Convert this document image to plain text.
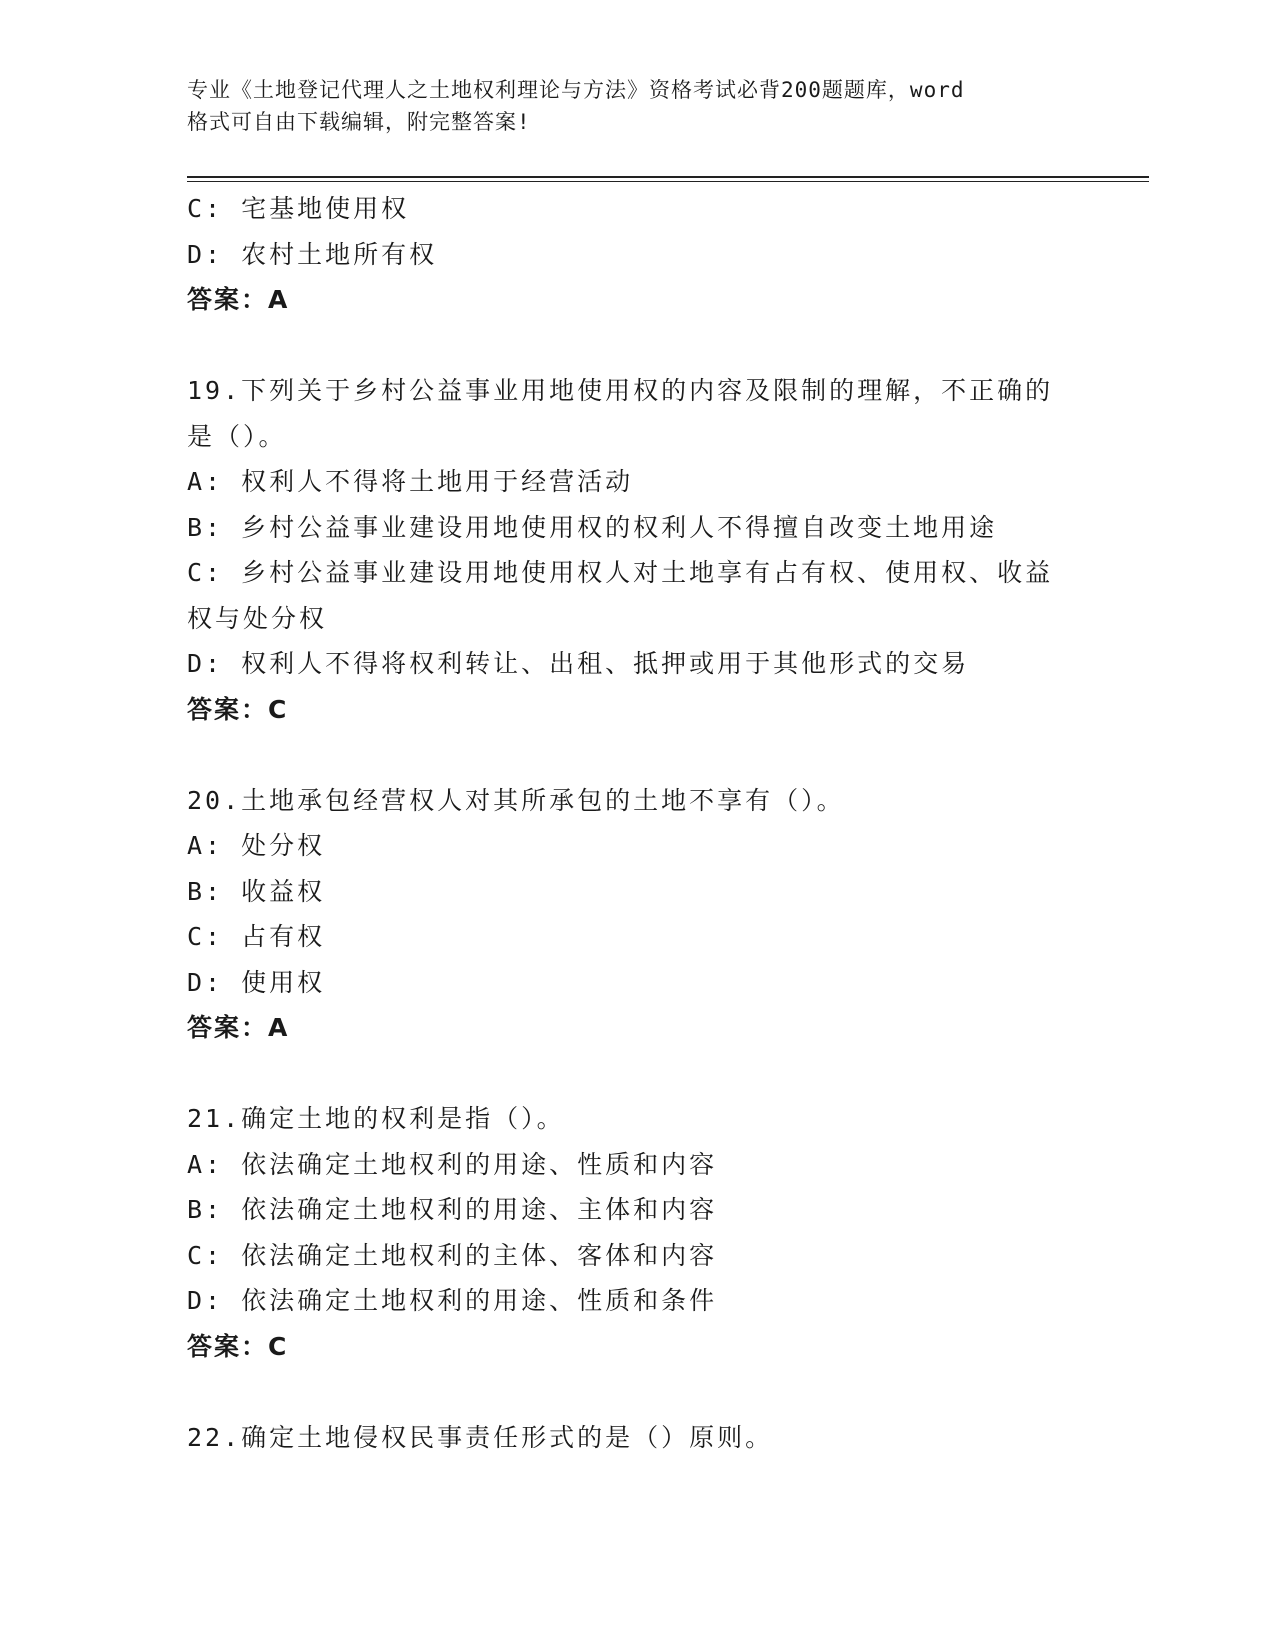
专业《土地登记代理人之土地权利理论与方法》资格考试必背200题题库，word
格式可自由下载编辑，附完整答案!
C: 宅基地使用权
D: 农村土地所有权
答案：A
19.下列关于乡村公益事业用地使用权的内容及限制的理解，不正确的
是（）。
A: 权利人不得将土地用于经营活动
B: 乡村公益事业建设用地使用权的权利人不得擅自改变土地用途
C: 乡村公益事业建设用地使用权人对土地享有占有权、使用权、收益
权与处分权
D: 权利人不得将权利转让、出租、抵押或用于其他形式的交易
答案：C
20.土地承包经营权人对其所承包的土地不享有（）。
A: 处分权
B: 收益权
C: 占有权
D: 使用权
答案：A
21.确定土地的权利是指（）。
A: 依法确定土地权利的用途、性质和内容
B: 依法确定土地权利的用途、主体和内容
C: 依法确定土地权利的主体、客体和内容
D: 依法确定土地权利的用途、性质和条件
答案：C
22.确定土地侵权民事责任形式的是（）原则。
